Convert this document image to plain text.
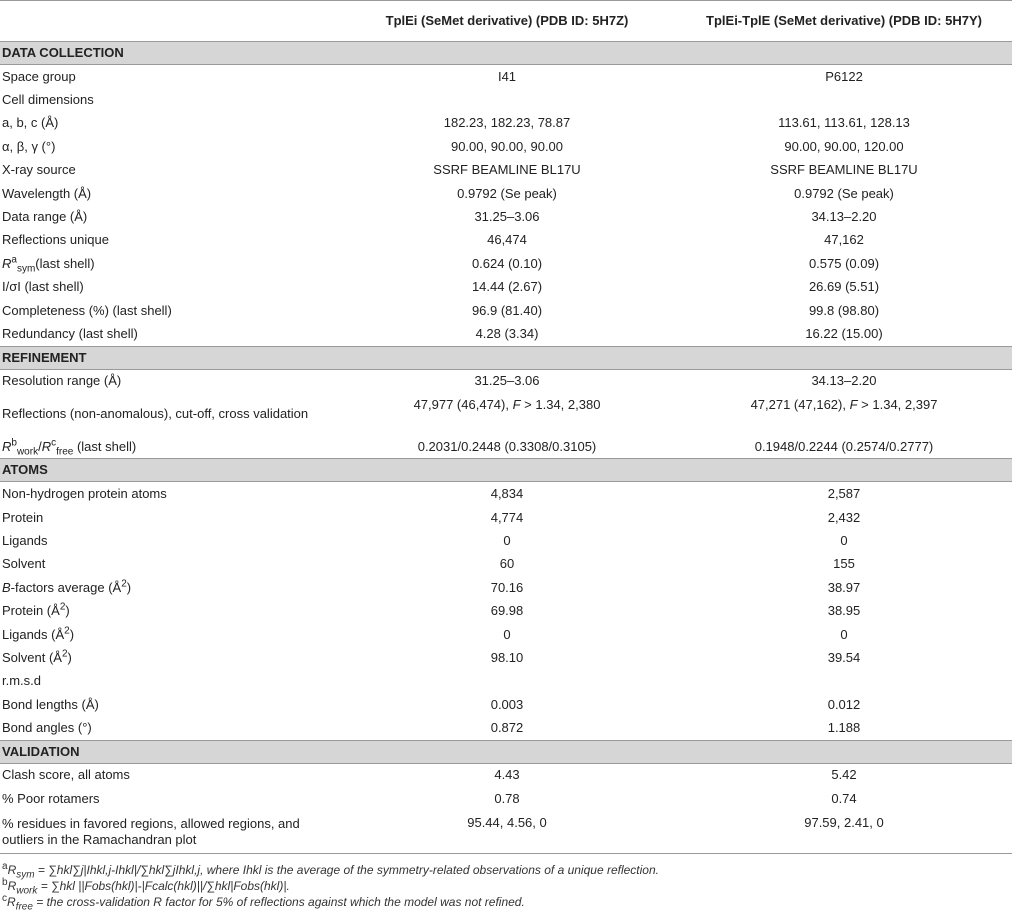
	TplEi (SeMet derivative) (PDB ID: 5H7Z)	TplEi-TplE (SeMet derivative) (PDB ID: 5H7Y)
DATA COLLECTION		
Space group	I41	P6122
Cell dimensions		
a, b, c (Å)	182.23, 182.23, 78.87	113.61, 113.61, 128.13
α, β, γ (°)	90.00, 90.00, 90.00	90.00, 90.00, 120.00
X-ray source	SSRF BEAMLINE BL17U	SSRF BEAMLINE BL17U
Wavelength (Å)	0.9792 (Se peak)	0.9792 (Se peak)
Data range (Å)	31.25–3.06	34.13–2.20
Reflections unique	46,474	47,162
$R^a_{sym}(last$ shell)	0.624 (0.10)	0.575 (0.09)
I/σI (last shell)	14.44 (2.67)	26.69 (5.51)
Completeness (%) (last shell)	96.9 (81.40)	99.8 (98.80)
Redundancy (last shell)	4.28 (3.34)	16.22 (15.00)
REFINEMENT		
Resolution range (Å)	31.25–3.06	34.13–2.20
Reflections (non-anomalous), cut-off, cross validation	47,977 (46,474), F > 1.34, 2,380	47,271 (47,162), F > 1.34, 2,397
$R^b_{work}/R^c_{free}$ (last shell)	0.2031/0.2448 (0.3308/0.3105)	0.1948/0.2244 (0.2574/0.2777)
ATOMS		
Non-hydrogen protein atoms	4,834	2,587
Protein	4,774	2,432
Ligands	0	0
Solvent	60	155
B-factors average $(Å^2)$	70.16	38.97
Protein $(Å^2)$	69.98	38.95
Ligands $(Å^2)$	0	0
Solvent $(Å^2)$	98.10	39.54
r.m.s.d		
Bond lengths (Å)	0.003	0.012
Bond angles (°)	0.872	1.188
VALIDATION		
Clash score, all atoms	4.43	5.42
% Poor rotamers	0.78	0.74
% residues in favored regions, allowed regions, and outliers in the Ramachandran plot	95.44, 4.56, 0	97.59, 2.41, 0
$^aR_{sym}$ = ∑hkl∑j|Ihkl,j-Ihkl|/∑hkl∑jIhkl,j, where Ihkl is the average of the symmetry-related observations of a unique reflection.
$^bR_{work} = \sum hkl$ ||Fobs(hkl)|-|Fcalc(hkl)||/∑hkl|Fobs(hkl)|.
$^cR_{free}$ = the cross-validation R factor for 5% of reflections against which the model was not refined.
